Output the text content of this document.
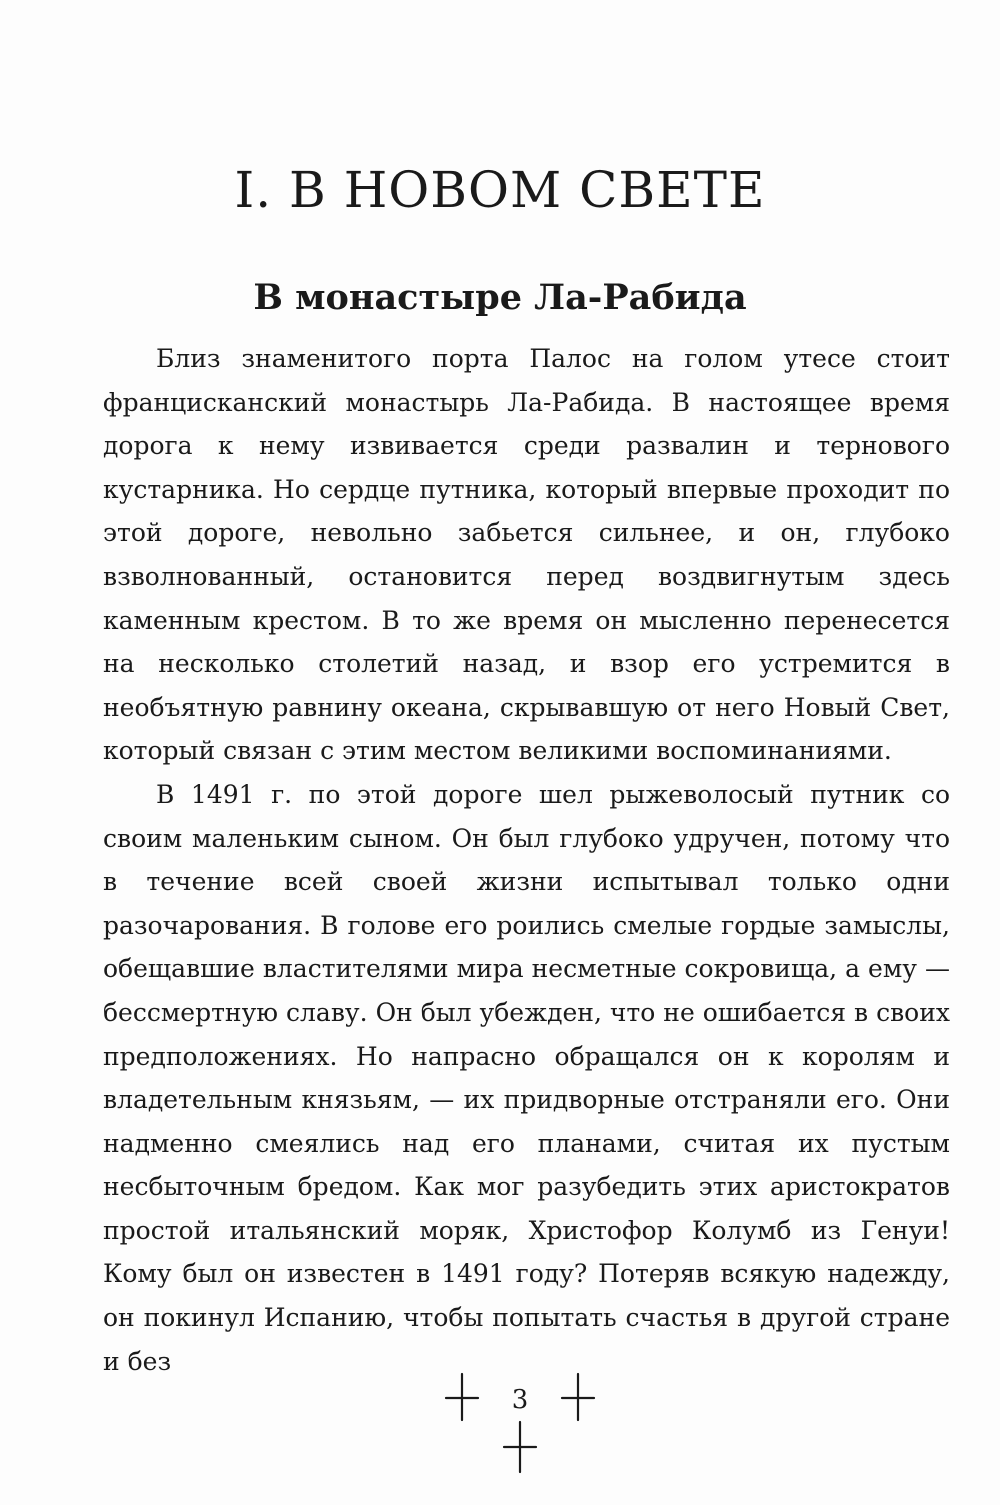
I. В НОВОМ СВЕТЕ
В монастыре Ла-Рабида

Близ знаменитого порта Палос на голом утесе стоит францисканский монастырь Ла-Рабида. В настоящее время дорога к нему извивается среди развалин и тернового кустарника. Но сердце путника, который впервые проходит по этой дороге, невольно забьется сильнее, и он, глубоко взволнованный, остановится перед воздвигнутым здесь каменным крестом. В то же время он мысленно перенесется на несколько столетий назад, и взор его устремится в необъятную равнину океана, скрывавшую от него Новый Свет, который связан с этим местом великими воспоминаниями.

В 1491 г. по этой дороге шел рыжеволосый путник со своим маленьким сыном. Он был глубоко удручен, потому что в течение всей своей жизни испытывал только одни разочарования. В голове его роились смелые гордые замыслы, обещавшие властителями мира несметные сокровища, а ему — бессмертную славу. Он был убежден, что не ошибается в своих предположениях. Но напрасно обращался он к королям и владетельным князьям, — их придворные отстраняли его. Они надменно смеялись над его планами, считая их пустым несбыточным бредом. Как мог разубедить этих аристократов простой итальянский моряк, Христофор Колумб из Генуи! Кому был он известен в 1491 году? Потеряв всякую надежду, он покинул Испанию, чтобы попытать счастья в другой стране и без

3
